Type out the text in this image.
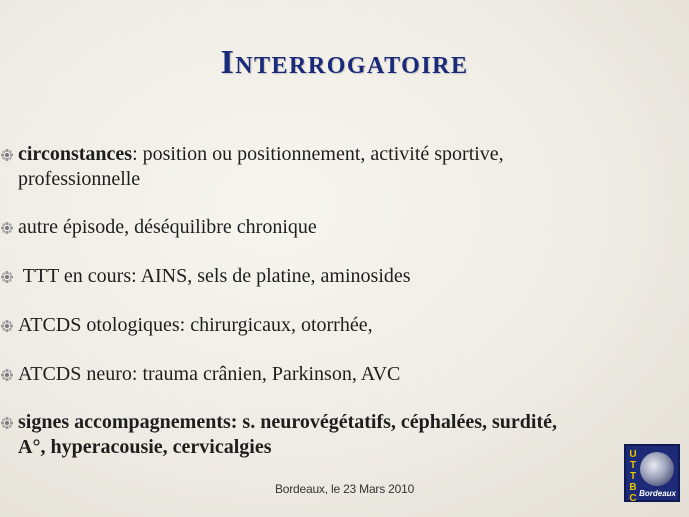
Interrogatoire
circonstances: position ou positionnement, activité sportive, professionnelle
autre épisode, déséquilibre chronique
TTT en cours: AINS, sels de platine, aminosides
ATCDS otologiques: chirurgicaux, otorrhée,
ATCDS neuro: trauma crânien, Parkinson, AVC
signes accompagnements: s. neurovégétatifs, céphalées, surdité, A°, hyperacousie, cervicalgies
Bordeaux, le 23 Mars 2010
UTTBC Bordeaux
